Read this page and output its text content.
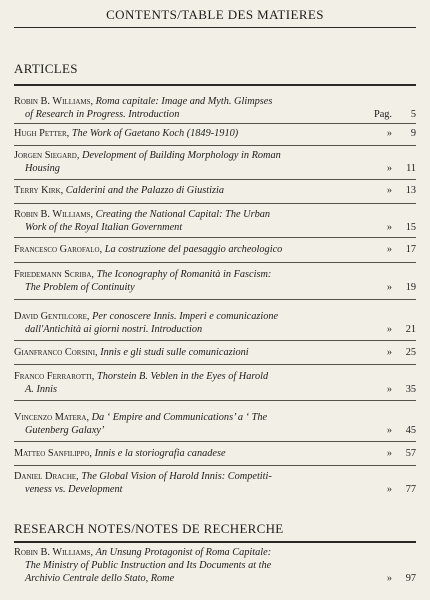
CONTENTS/TABLE DES MATIERES
ARTICLES
Robin B. Williams, Roma capitale: Image and Myth. Glimpses
of Research in Progress. Introduction	Pag. 5
Hugh Petter, The Work of Gaetano Koch (1849-1910)	» 9
Jorgen Siegard, Development of Building Morphology in Roman
Housing	» 11
Terry Kirk, Calderini and the Palazzo di Giustizia	» 13
Robin B. Williams, Creating the National Capital: The Urban
Work of the Royal Italian Government	» 15
Francesco Garofalo, La costruzione del paesaggio archeologico	» 17
Friedemann Scriba, The Iconography of Romanità in Fascism:
The Problem of Continuity	» 19
David Gentilcore, Per conoscere Innis. Imperi e comunicazione
dall'Antichità ai giorni nostri. Introduction	» 21
Gianfranco Corsini, Innis e gli studi sulle comunicazioni	» 25
Franco Ferrarotti, Thorstein B. Veblen in the Eyes of Harold
A. Innis	» 35
Vincenzo Matera, Da ‘ Empire and Communications’ a ‘ The
Gutenberg Galaxy’	» 45
Matteo Sanfilippo, Innis e la storiografia canadese	» 57
Daniel Drache, The Global Vision of Harold Innis: Competiti-
veness vs. Development	» 77
RESEARCH NOTES/NOTES DE RECHERCHE
Robin B. Williams, An Unsung Protagonist of Roma Capitale:
The Ministry of Public Instruction and Its Documents at the
Archivio Centrale dello Stato, Rome	» 97
